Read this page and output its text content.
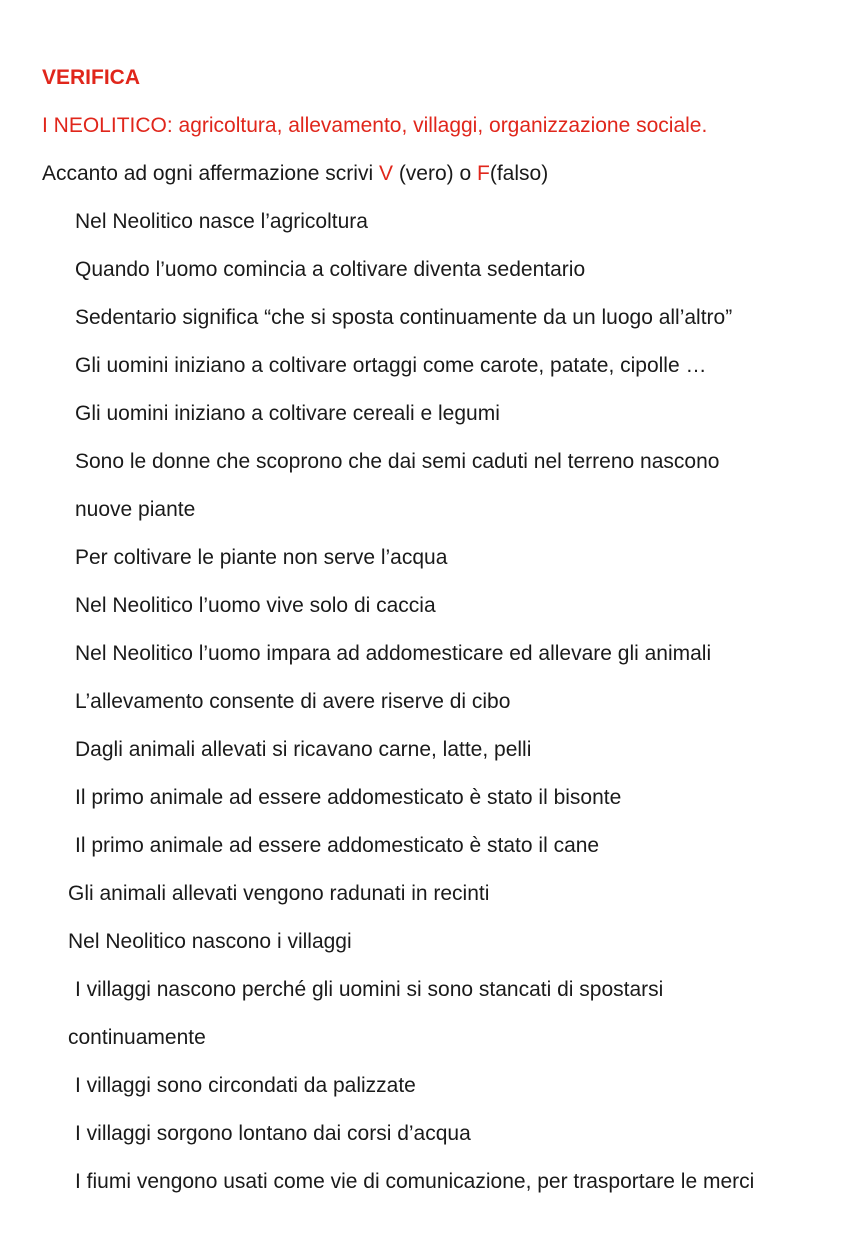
VERIFICA
I NEOLITICO: agricoltura, allevamento, villaggi, organizzazione sociale.
Accanto ad ogni affermazione scrivi V (vero) o F(falso)
Nel Neolitico nasce l’agricoltura
Quando l’uomo comincia a coltivare diventa sedentario
Sedentario significa “che si sposta continuamente da un luogo all’altro”
Gli uomini iniziano a coltivare ortaggi come carote, patate, cipolle …
Gli uomini iniziano a coltivare cereali e legumi
Sono le donne che scoprono che dai semi caduti nel terreno nascono
nuove piante
Per coltivare le piante non serve l’acqua
Nel Neolitico l’uomo vive solo di caccia
Nel Neolitico l’uomo impara ad addomesticare ed allevare gli animali
L’allevamento consente di avere riserve di cibo
Dagli animali allevati si ricavano carne, latte, pelli
Il primo animale ad essere addomesticato è stato il bisonte
Il primo animale ad essere addomesticato è stato il cane
Gli animali allevati vengono radunati in recinti
Nel Neolitico nascono i villaggi
I villaggi nascono perché gli uomini si sono stancati di spostarsi
continuamente
I villaggi sono circondati da palizzate
I villaggi sorgono lontano dai corsi d’acqua
I fiumi vengono usati come vie di comunicazione, per trasportare le merci
